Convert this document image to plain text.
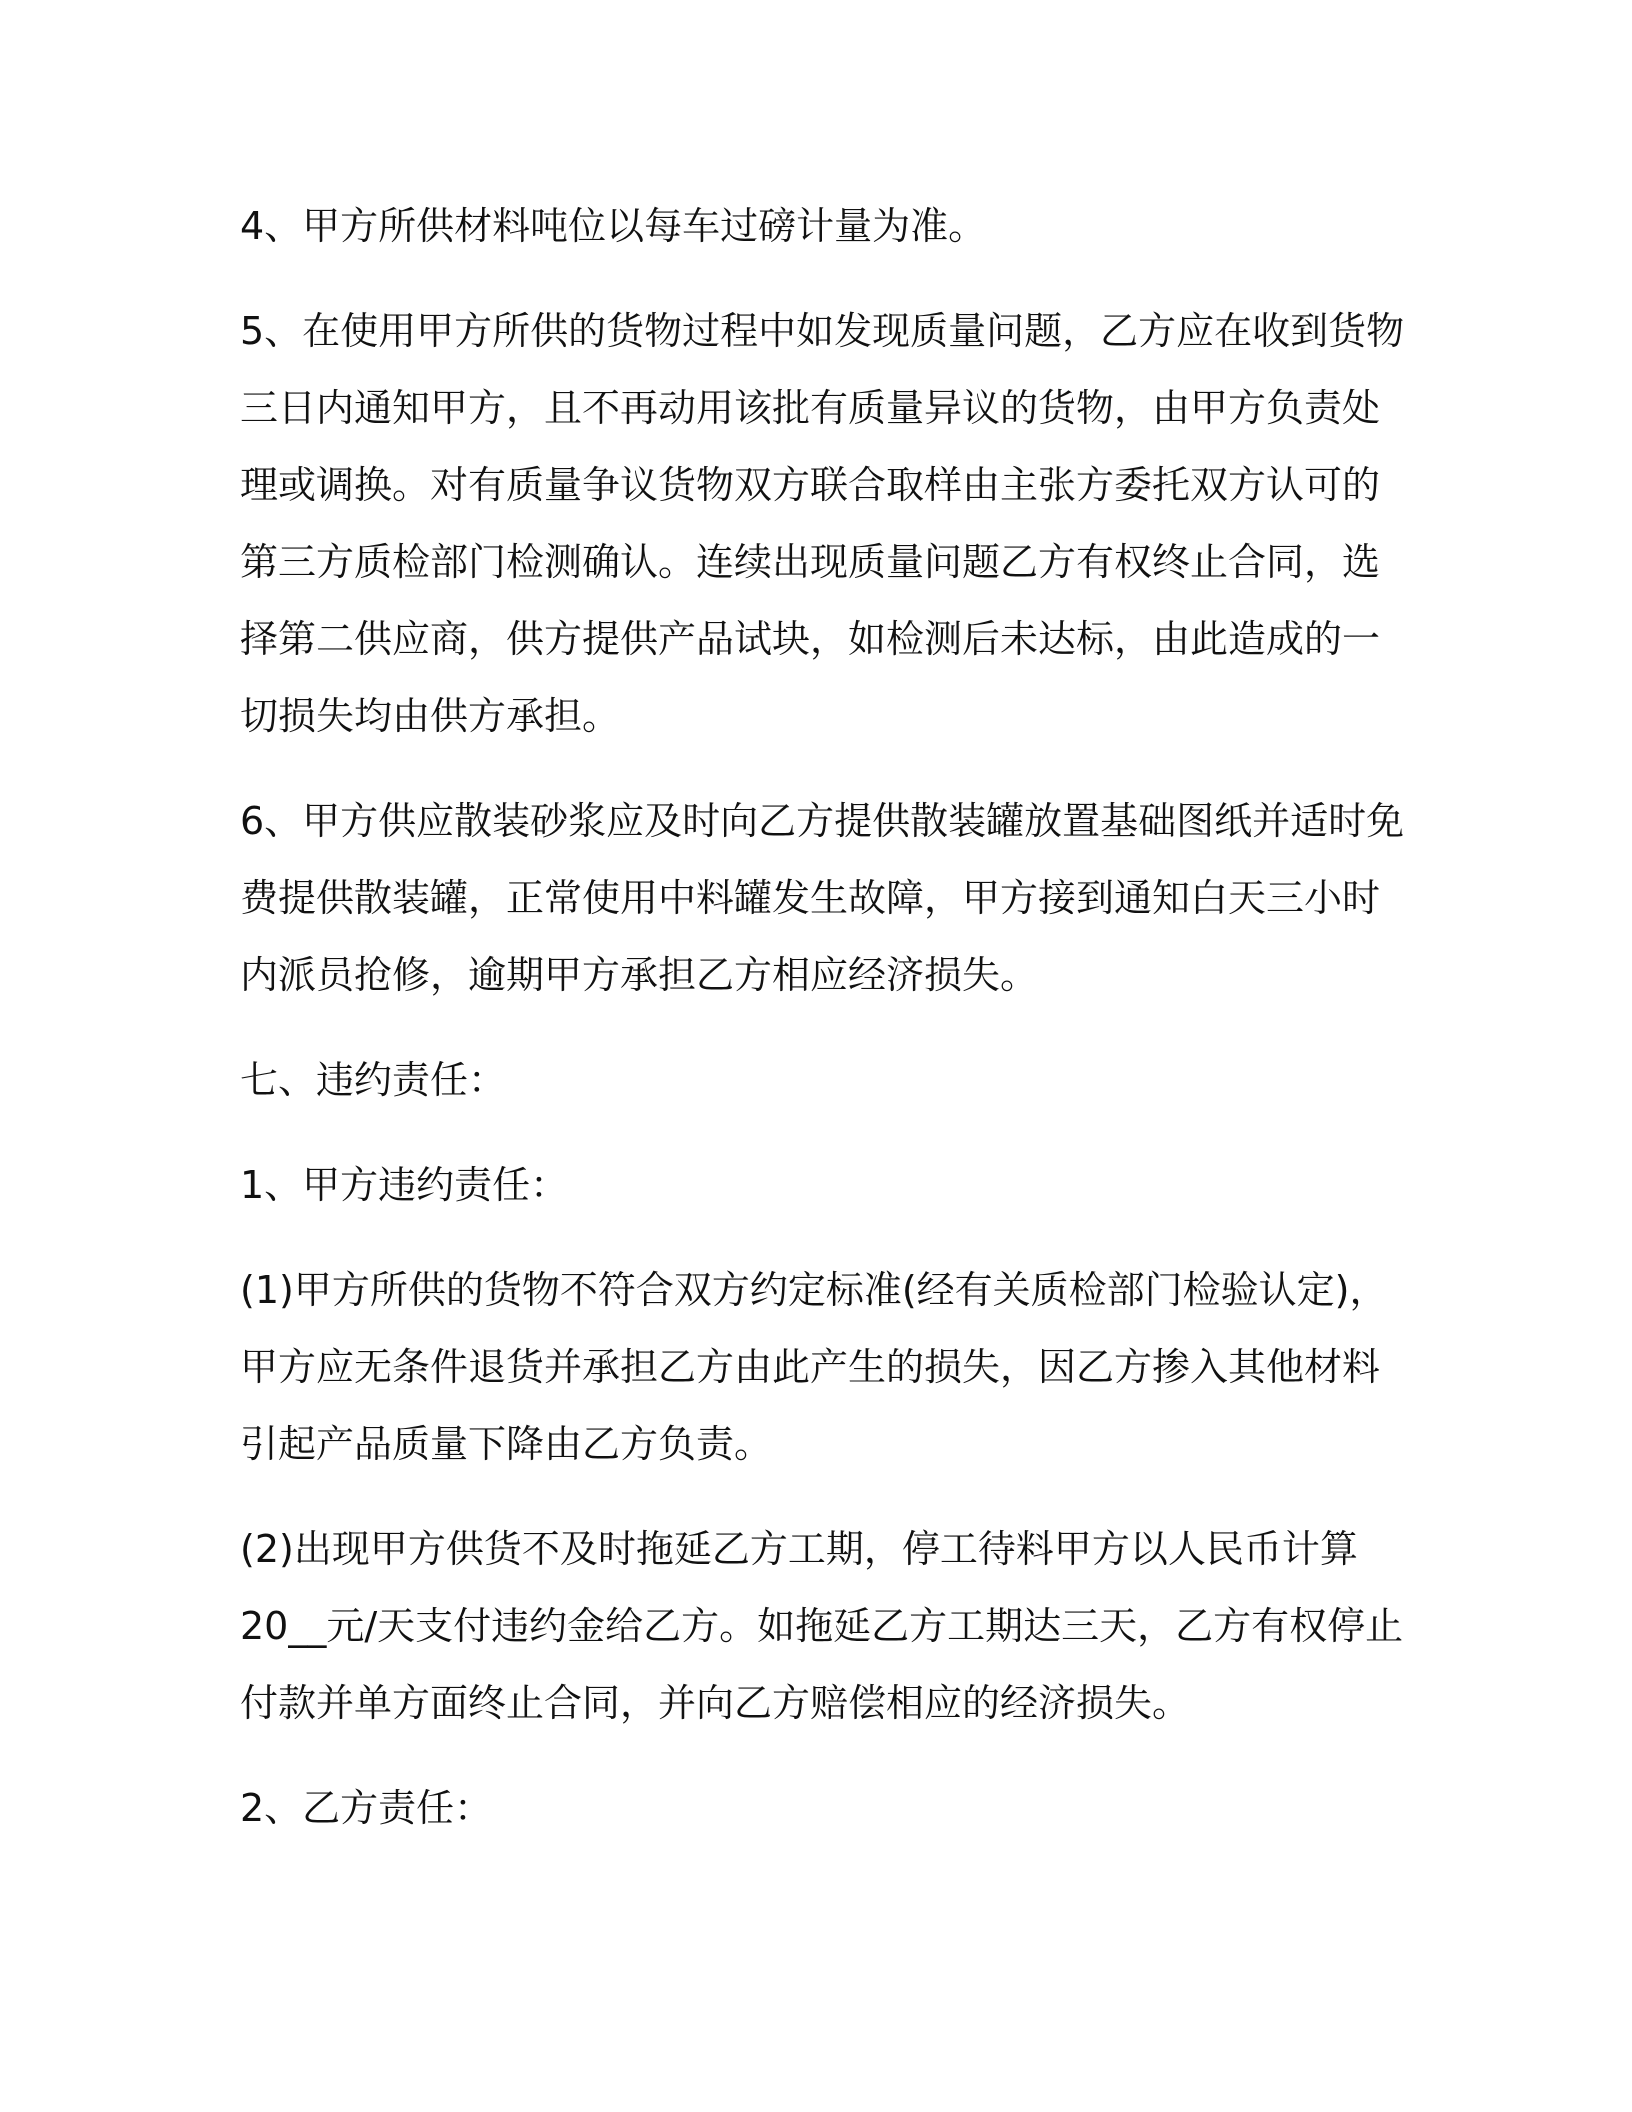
4、甲方所供材料吨位以每车过磅计量为准。

5、在使用甲方所供的货物过程中如发现质量问题，乙方应在收到货物
三日内通知甲方，且不再动用该批有质量异议的货物，由甲方负责处
理或调换。对有质量争议货物双方联合取样由主张方委托双方认可的
第三方质检部门检测确认。连续出现质量问题乙方有权终止合同，选
择第二供应商，供方提供产品试块，如检测后未达标，由此造成的一
切损失均由供方承担。

6、甲方供应散装砂浆应及时向乙方提供散装罐放置基础图纸并适时免
费提供散装罐，正常使用中料罐发生故障，甲方接到通知白天三小时
内派员抢修，逾期甲方承担乙方相应经济损失。

七、违约责任：

1、甲方违约责任：

(1)甲方所供的货物不符合双方约定标准(经有关质检部门检验认定)，
甲方应无条件退货并承担乙方由此产生的损失，因乙方掺入其他材料
引起产品质量下降由乙方负责。

(2)出现甲方供货不及时拖延乙方工期，停工待料甲方以人民币计算
20__元/天支付违约金给乙方。如拖延乙方工期达三天，乙方有权停止
付款并单方面终止合同，并向乙方赔偿相应的经济损失。

2、乙方责任：
